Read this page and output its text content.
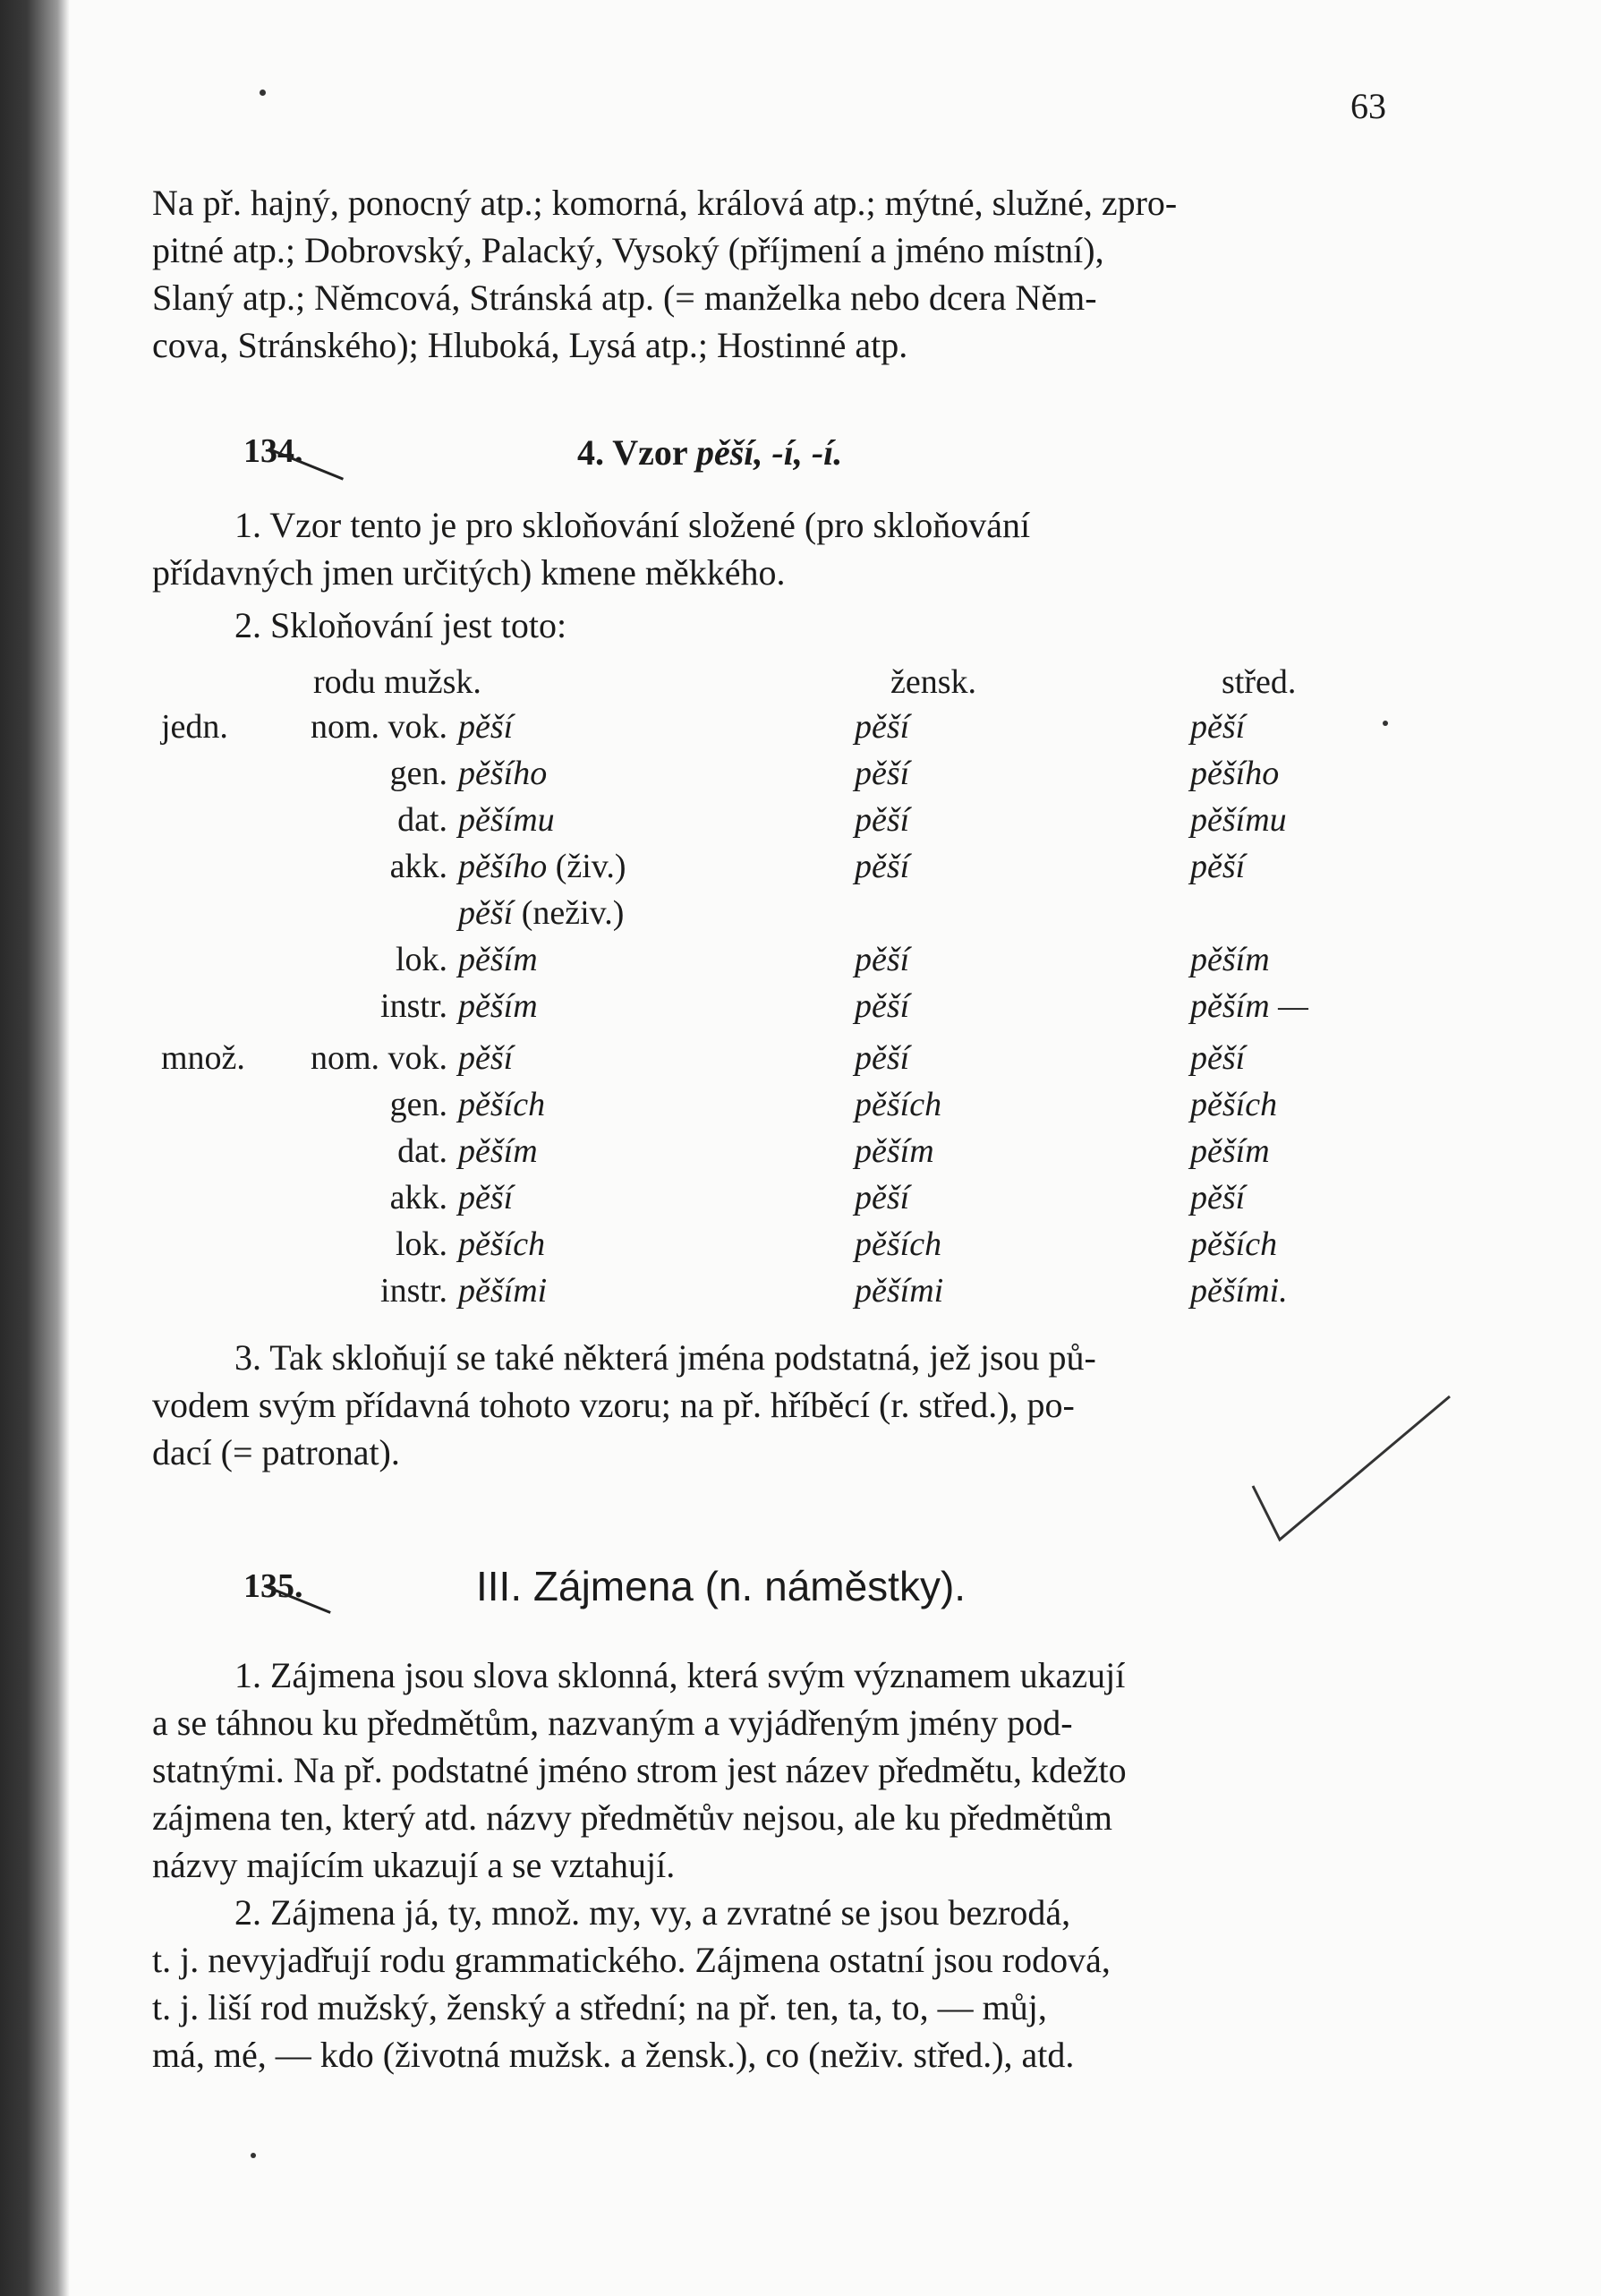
63
Na př. hajný, ponocný atp.; komorná, králová atp.; mýtné, služné, zpro-
pitné atp.; Dobrovský, Palacký, Vysoký (příjmení a jméno místní),
Slaný atp.; Němcová, Stránská atp. (= manželka nebo dcera Něm-
cova, Stránského); Hluboká, Lysá atp.; Hostinné atp.
134.	4. Vzor pěší, -í, -í.
1. Vzor tento je pro skloňování složené (pro skloňování
přídavných jmen určitých) kmene měkkého.
2. Skloňování jest toto:
rodu mužsk.	žensk.	střed.
jedn. nom. vok. pěší	pěší	pěší
gen. pěšího	pěší	pěšího
dat. pěšímu	pěší	pěšímu
akk. pěšího (živ.)	pěší	pěší
pěší (neživ.)
lok. pěším	pěší	pěším
instr. pěším	pěší	pěším —
množ. nom. vok. pěší	pěší	pěší
gen. pěších	pěších	pěších
dat. pěším	pěším	pěším
akk. pěší	pěší	pěší
lok. pěších	pěších	pěších
instr. pěšími	pěšími	pěšími.
3. Tak skloňují se také některá jména podstatná, jež jsou pů-
vodem svým přídavná tohoto vzoru; na př. hříběcí (r. střed.), po-
dací (= patronat).
135.	III. Zájmena (n. náměstky).
1. Zájmena jsou slova sklonná, která svým významem ukazují
a se táhnou ku předmětům, nazvaným a vyjádřeným jmény pod-
statnými. Na př. podstatné jméno strom jest název předmětu, kdežto
zájmena ten, který atd. názvy předmětův nejsou, ale ku předmětům
názvy majícím ukazují a se vztahují.
2. Zájmena já, ty, množ. my, vy, a zvratné se jsou bezrodá,
t. j. nevyjadřují rodu grammatického. Zájmena ostatní jsou rodová,
t. j. liší rod mužský, ženský a střední; na př. ten, ta, to, — můj,
má, mé, — kdo (životná mužsk. a žensk.), co (neživ. střed.), atd.
